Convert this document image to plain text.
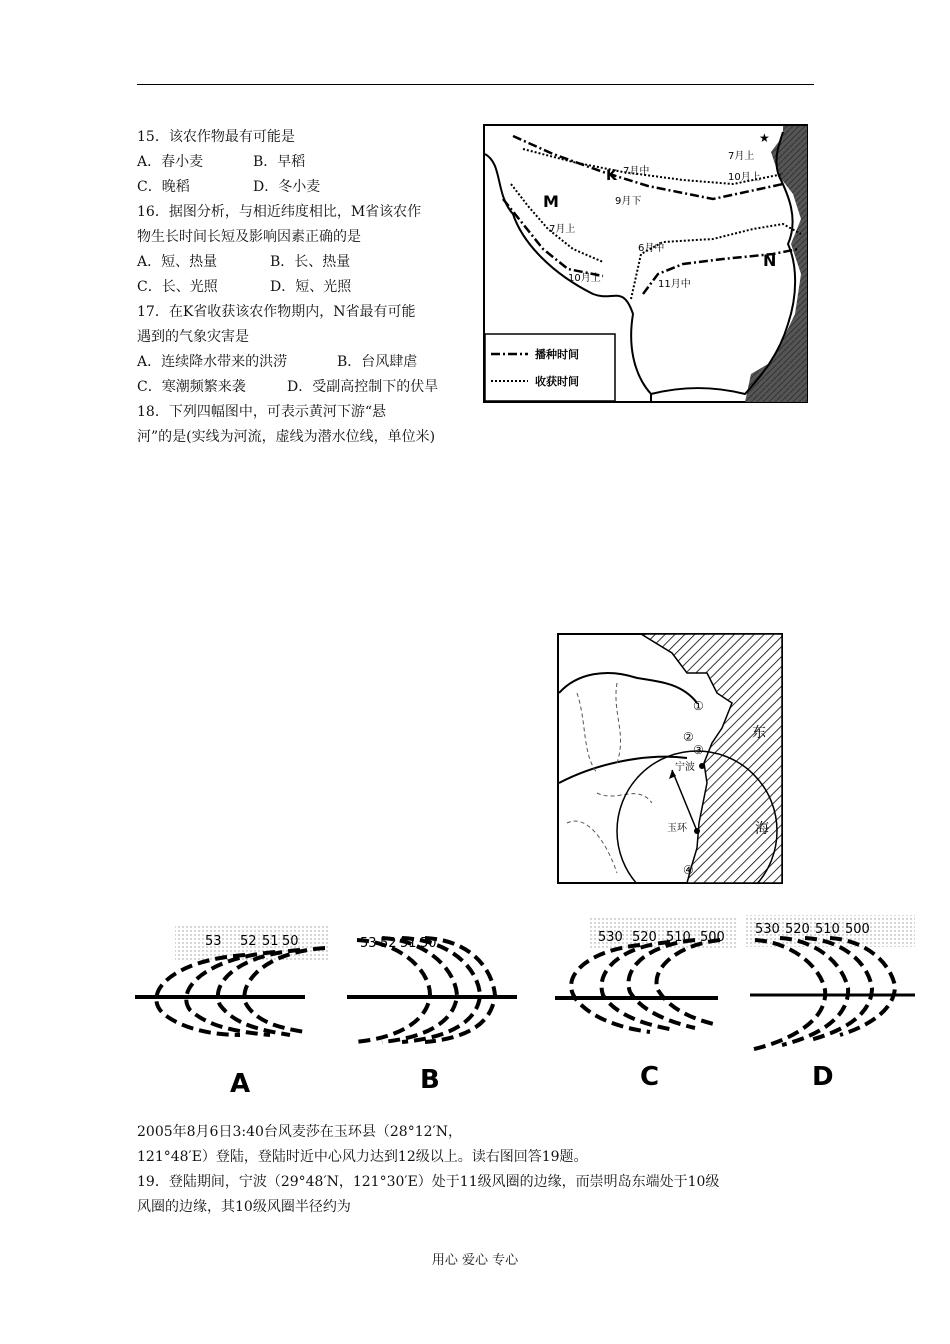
15．该农作物最有可能是
A．春小麦	B．早稻
C．晚稻	D．冬小麦
16．据图分析，与相近纬度相比，M省该农作
物生长时间长短及影响因素正确的是
A．短、热量	B．长、热量
C．长、光照	D．短、光照
17．在K省收获该农作物期内，N省最有可能
遇到的气象灾害是
A．连续降水带来的洪涝	B．台风肆虐
C．寒潮频繁来袭	D．受副高控制下的伏旱
18．下列四幅图中，可表示黄河下游“悬
河”的是(实线为河流，虚线为潜水位线，单位米)
M
K
N
7月中
9月下
7月上
10月上
7月上
10月上
6月中
11月中
★
播种时间
收获时间
宁波
玉环
东
海
①
②
③
④
53 52 51 50
A
53 52 51 50
B
530 520 510 500
C
530 520 510 500
D
2005年8月6日3:40台风麦莎在玉环县（28°12′N，
121°48′E）登陆，登陆时近中心风力达到12级以上。读右图回答19题。
19．登陆期间，宁波（29°48′N，121°30′E）处于11级风圈的边缘，而崇明岛东端处于10级
风圈的边缘，其10级风圈半径约为
用心 爱心 专心
